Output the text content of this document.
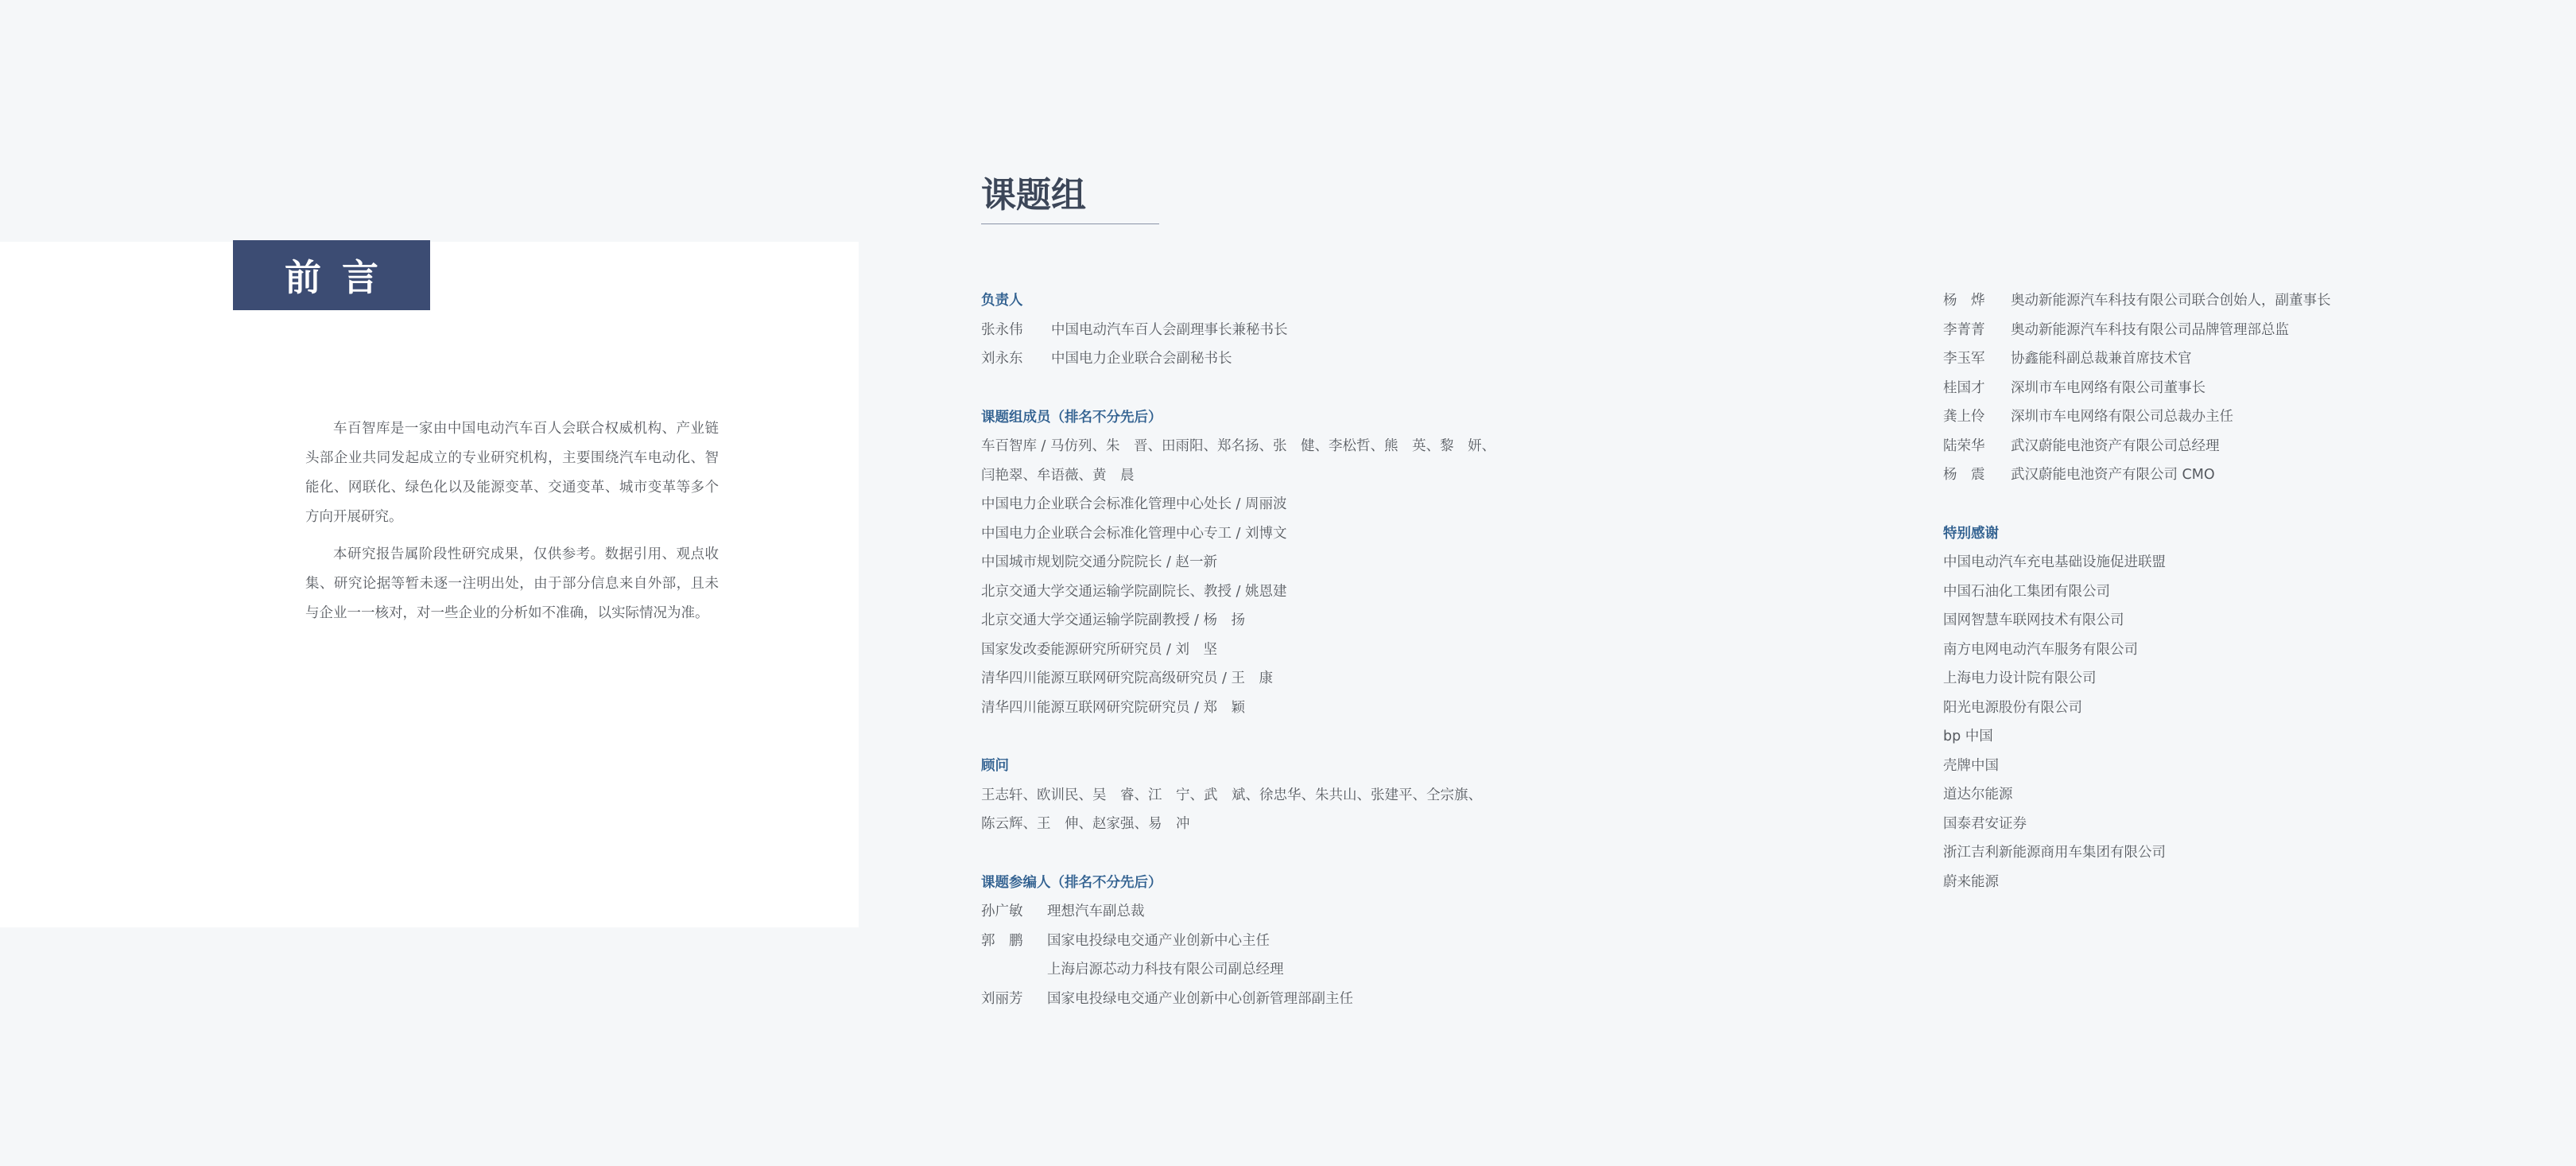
前言

车百智库是一家由中国电动汽车百人会联合权威机构、产业链头部企业共同发起成立的专业研究机构，主要围绕汽车电动化、智能化、网联化、绿色化以及能源变革、交通变革、城市变革等多个方向开展研究。

本研究报告属阶段性研究成果，仅供参考。数据引用、观点收集、研究论据等暂未逐一注明出处，由于部分信息来自外部，且未与企业一一核对，对一些企业的分析如不准确，以实际情况为准。

课题组
负责人
张永伟 中国电动汽车百人会副理事长兼秘书长
刘永东 中国电力企业联合会副秘书长
课题组成员（排名不分先后）
车百智库 / 马仿列、朱　晋、田雨阳、郑名扬、张　健、李松哲、熊　英、黎　妍、
闫艳翠、牟语薇、黄　晨
中国电力企业联合会标准化管理中心处长 / 周丽波
中国电力企业联合会标准化管理中心专工 / 刘博文
中国城市规划院交通分院院长 / 赵一新
北京交通大学交通运输学院副院长、教授 / 姚恩建
北京交通大学交通运输学院副教授 / 杨　扬
国家发改委能源研究所研究员 / 刘　坚
清华四川能源互联网研究院高级研究员 / 王　康
清华四川能源互联网研究院研究员 / 郑　颖
顾问
王志轩、欧训民、吴　睿、江　宁、武　斌、徐忠华、朱共山、张建平、仝宗旗、
陈云辉、王　伸、赵家强、易　冲
课题参编人（排名不分先后）
孙广敏 理想汽车副总裁
郭　鹏 国家电投绿电交通产业创新中心主任
上海启源芯动力科技有限公司副总经理
刘丽芳 国家电投绿电交通产业创新中心创新管理部副主任
杨　烨 奥动新能源汽车科技有限公司联合创始人，副董事长
李菁菁 奥动新能源汽车科技有限公司品牌管理部总监
李玉军 协鑫能科副总裁兼首席技术官
桂国才 深圳市车电网络有限公司董事长
龚上伶 深圳市车电网络有限公司总裁办主任
陆荣华 武汉蔚能电池资产有限公司总经理
杨　震 武汉蔚能电池资产有限公司 CMO
特别感谢
中国电动汽车充电基础设施促进联盟
中国石油化工集团有限公司
国网智慧车联网技术有限公司
南方电网电动汽车服务有限公司
上海电力设计院有限公司
阳光电源股份有限公司
bp 中国
壳牌中国
道达尔能源
国泰君安证券
浙江吉利新能源商用车集团有限公司
蔚来能源
